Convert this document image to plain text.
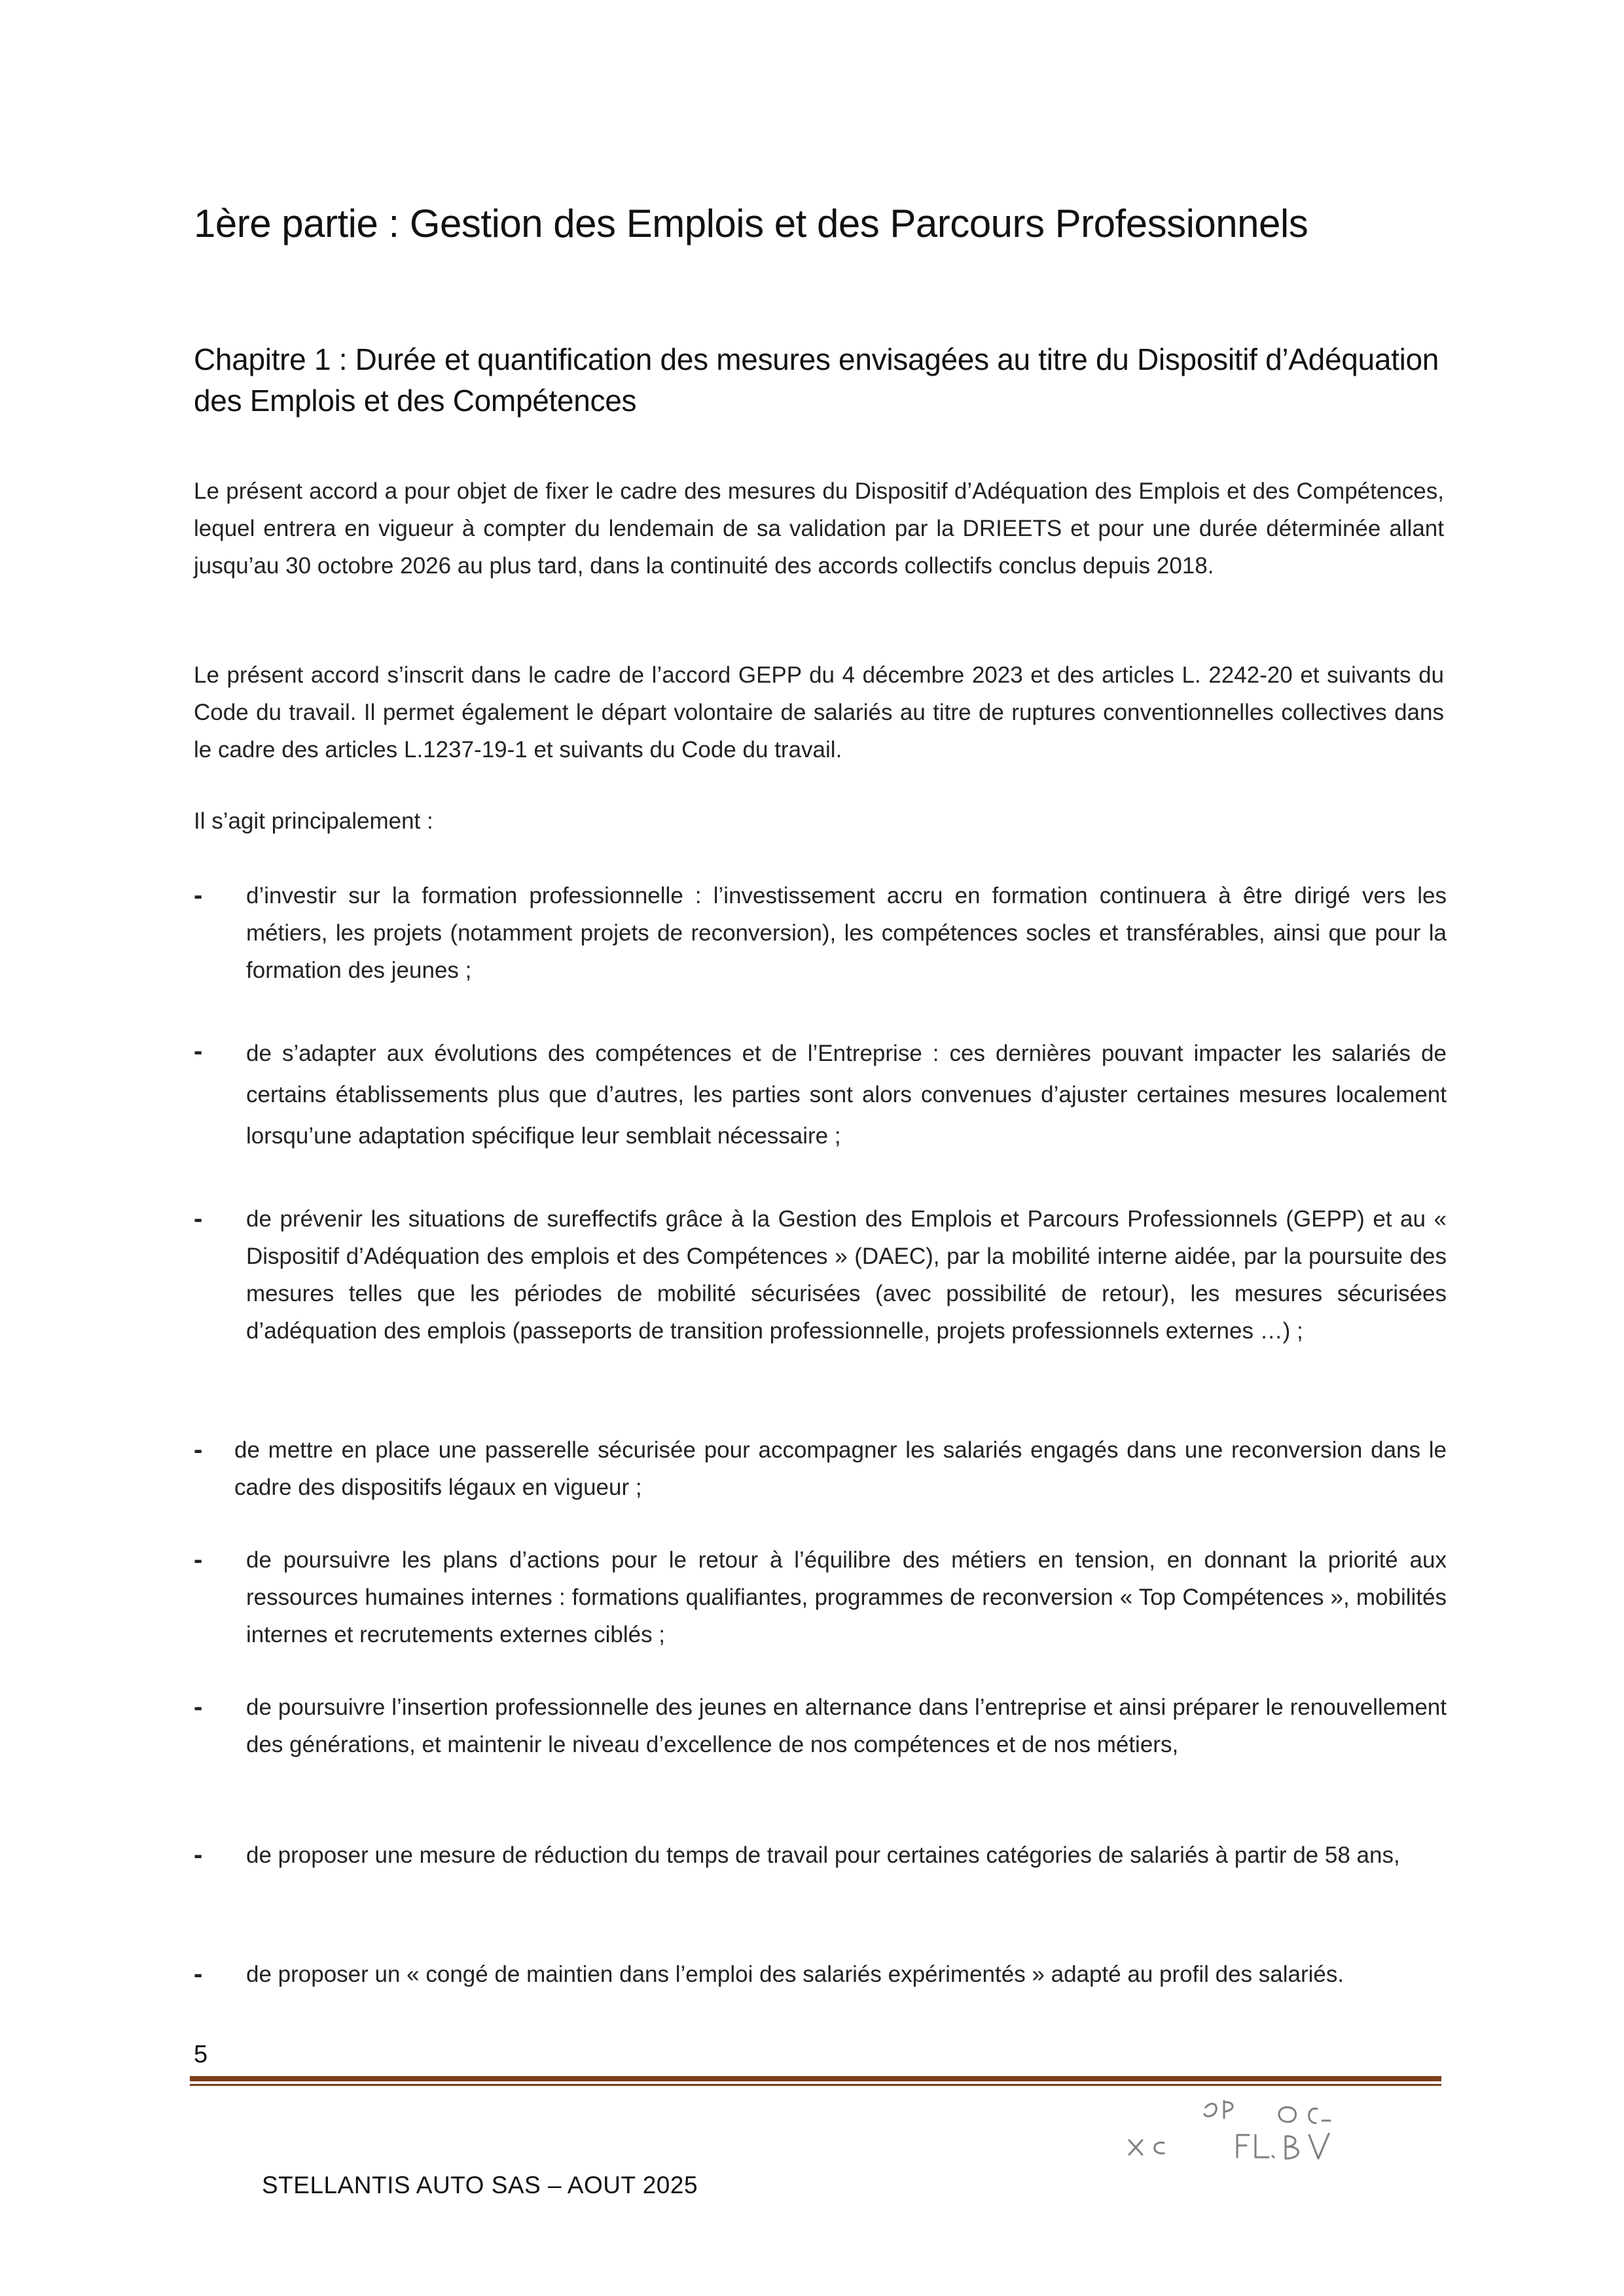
1ère partie : Gestion des Emplois et des Parcours Professionnels
Chapitre 1 : Durée et quantification des mesures envisagées au titre du Dispositif d’Adéquation des Emplois et des Compétences

Le présent accord a pour objet de fixer le cadre des mesures du Dispositif d’Adéquation des Emplois et des Compétences, lequel entrera en vigueur à compter du lendemain de sa validation par la DRIEETS et pour une durée déterminée allant jusqu’au 30 octobre 2026 au plus tard, dans la continuité des accords collectifs conclus depuis 2018.

Le présent accord s’inscrit dans le cadre de l’accord GEPP du 4 décembre 2023 et des articles L. 2242-20 et suivants du Code du travail. Il permet également le départ volontaire de salariés au titre de ruptures conventionnelles collectives dans le cadre des articles L.1237-19-1 et suivants du Code du travail.

Il s’agit principalement :

- d’investir sur la formation professionnelle : l’investissement accru en formation continuera à être dirigé vers les métiers, les projets (notamment projets de reconversion), les compétences socles et transférables, ainsi que pour la formation des jeunes ;
- de s’adapter aux évolutions des compétences et de l’Entreprise : ces dernières pouvant impacter les salariés de certains établissements plus que d’autres, les parties sont alors convenues d’ajuster certaines mesures localement lorsqu’une adaptation spécifique leur semblait nécessaire ;
- de prévenir les situations de sureffectifs grâce à la Gestion des Emplois et Parcours Professionnels (GEPP) et au « Dispositif d’Adéquation des emplois et des Compétences » (DAEC), par la mobilité interne aidée, par la poursuite des mesures telles que les périodes de mobilité sécurisées (avec possibilité de retour), les mesures sécurisées d’adéquation des emplois (passeports de transition professionnelle, projets professionnels externes …) ;
- de mettre en place une passerelle sécurisée pour accompagner les salariés engagés dans une reconversion dans le cadre des dispositifs légaux en vigueur ;
- de poursuivre les plans d’actions pour le retour à l’équilibre des métiers en tension, en donnant la priorité aux ressources humaines internes : formations qualifiantes, programmes de reconversion « Top Compétences », mobilités internes et recrutements externes ciblés ;
- de poursuivre l’insertion professionnelle des jeunes en alternance dans l’entreprise et ainsi préparer le renouvellement des générations, et maintenir le niveau d’excellence de nos compétences et de nos métiers,
- de proposer une mesure de réduction du temps de travail pour certaines catégories de salariés à partir de 58 ans,
- de proposer un « congé de maintien dans l’emploi des salariés expérimentés » adapté au profil des salariés.
5
STELLANTIS AUTO SAS – AOUT 2025
